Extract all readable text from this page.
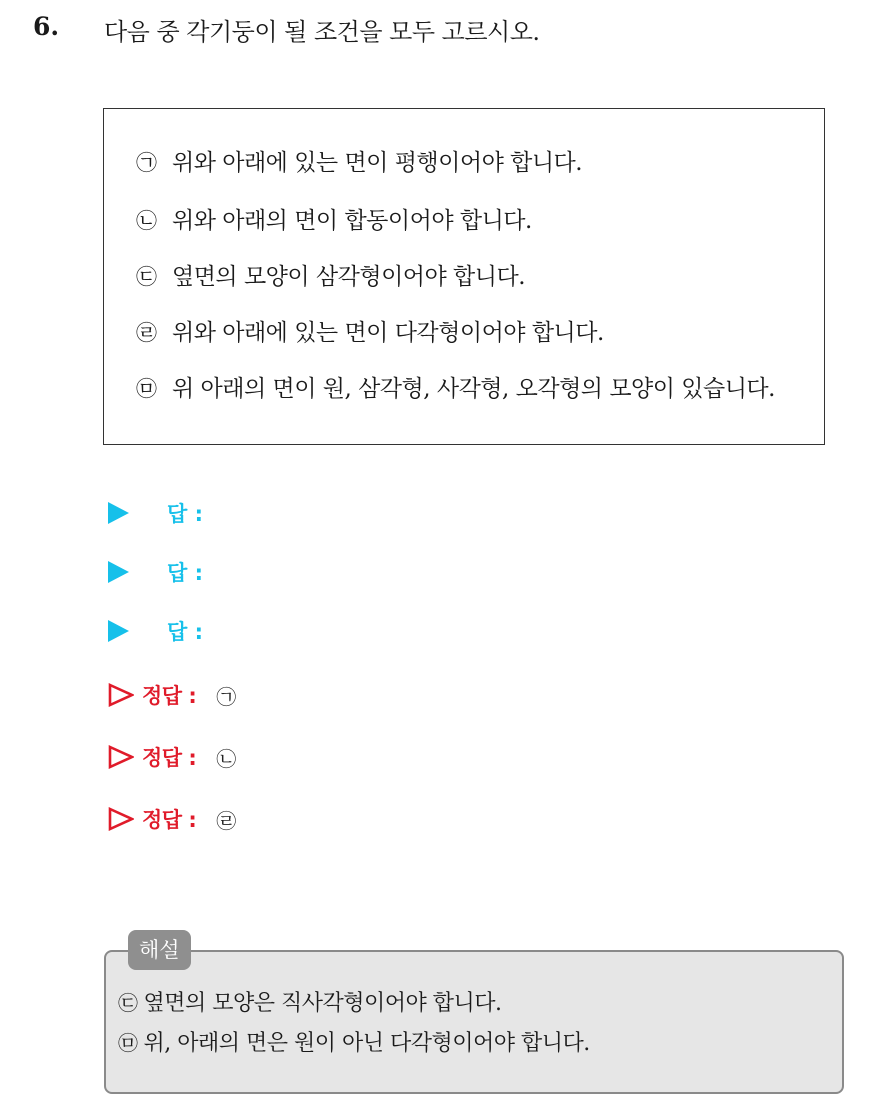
6. 다음 중 각기둥이 될 조건을 모두 고르시오.
㉠ 위와 아래에 있는 면이 평행이어야 합니다.
㉡ 위와 아래의 면이 합동이어야 합니다.
㉢ 옆면의 모양이 삼각형이어야 합니다.
㉣ 위와 아래에 있는 면이 다각형이어야 합니다.
㉤ 위 아래의 면이 원, 삼각형, 사각형, 오각형의 모양이 있습니다.
답 :
답 :
답 :
정답 : ㉠
정답 : ㉡
정답 : ㉣
㉢ 옆면의 모양은 직사각형이어야 합니다.
㉤ 위, 아래의 면은 원이 아닌 다각형이어야 합니다.
해설
